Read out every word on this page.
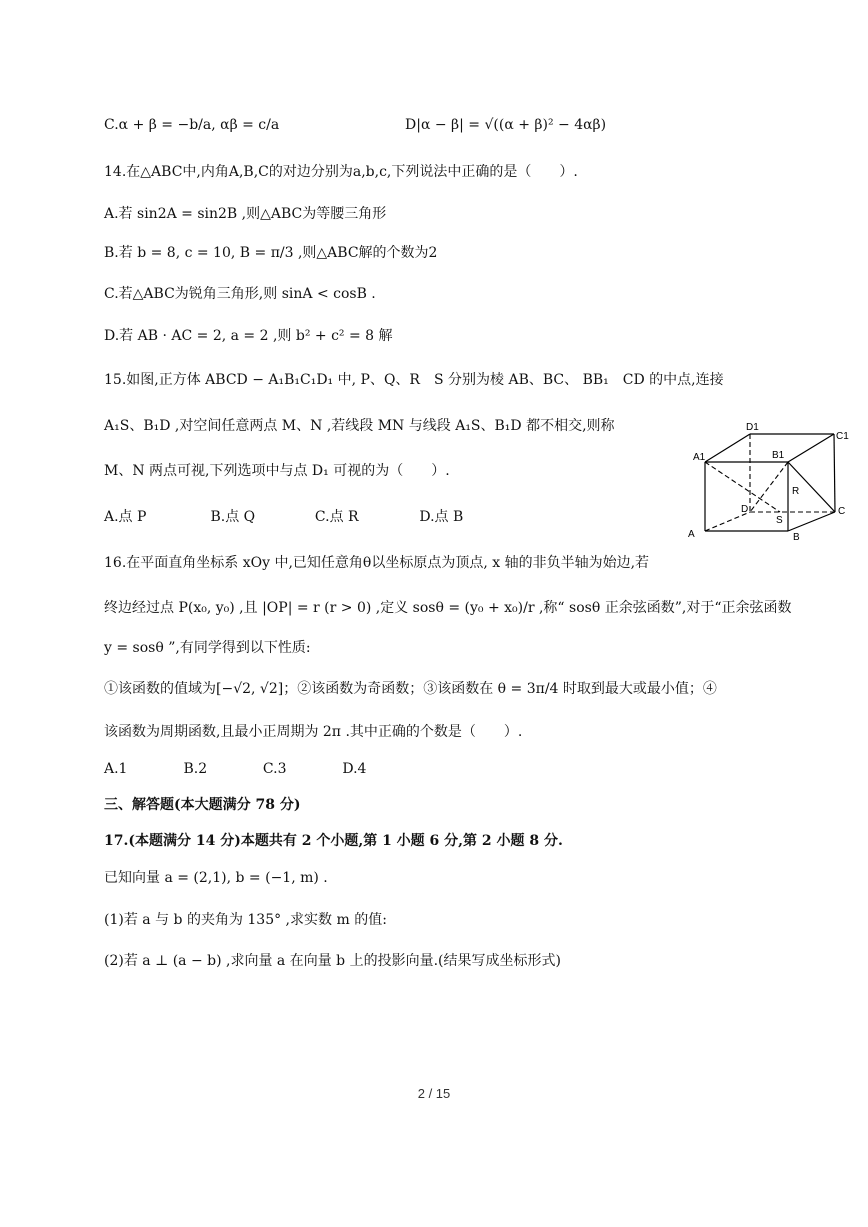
C.α + β = −b/a, αβ = c/a	D|α − β| = √((α + β)² − 4αβ)
14.在△ABC中,内角A,B,C的对边分别为a,b,c,下列说法中正确的是（　　）.
A.若 sin2A = sin2B ,则△ABC为等腰三角形
B.若 b = 8, c = 10, B = π/3 ,则△ABC解的个数为2
C.若△ABC为锐角三角形,则 sinA < cosB .
D.若 AB · AC = 2, a = 2 ,则 b² + c² = 8 解
15.如图,正方体 ABCD − A₁B₁C₁D₁ 中, P、Q、R　S 分别为棱 AB、BC、 BB₁　CD 的中点,连接
A₁S、B₁D ,对空间任意两点 M、N ,若线段 MN 与线段 A₁S、B₁D 都不相交,则称
M、N 两点可视,下列选项中与点 D₁ 可视的为（　　）.
A.点 P	B.点 Q	C.点 R	D.点 B
A1
D1
C1
B1
R
D
S
C
A	B
16.在平面直角坐标系 xOy 中,已知任意角θ以坐标原点为顶点, x 轴的非负半轴为始边,若
终边经过点 P(x₀, y₀) ,且 |OP| = r (r > 0) ,定义 sosθ = (y₀ + x₀)/r ,称“ sosθ 正余弦函数”,对于“正余弦函数
y = sosθ ”,有同学得到以下性质:
①该函数的值域为[−√2, √2]；②该函数为奇函数；③该函数在 θ = 3π/4 时取到最大或最小值；④
该函数为周期函数,且最小正周期为 2π .其中正确的个数是（　　）.
A.1	B.2	C.3	D.4
三、解答题(本大题满分 78 分)
17.(本题满分 14 分)本题共有 2 个小题,第 1 小题 6 分,第 2 小题 8 分.
已知向量 a = (2,1), b = (−1, m) .
(1)若 a 与 b 的夹角为 135° ,求实数 m 的值:
(2)若 a ⊥ (a − b) ,求向量 a 在向量 b 上的投影向量.(结果写成坐标形式)
2 / 15
